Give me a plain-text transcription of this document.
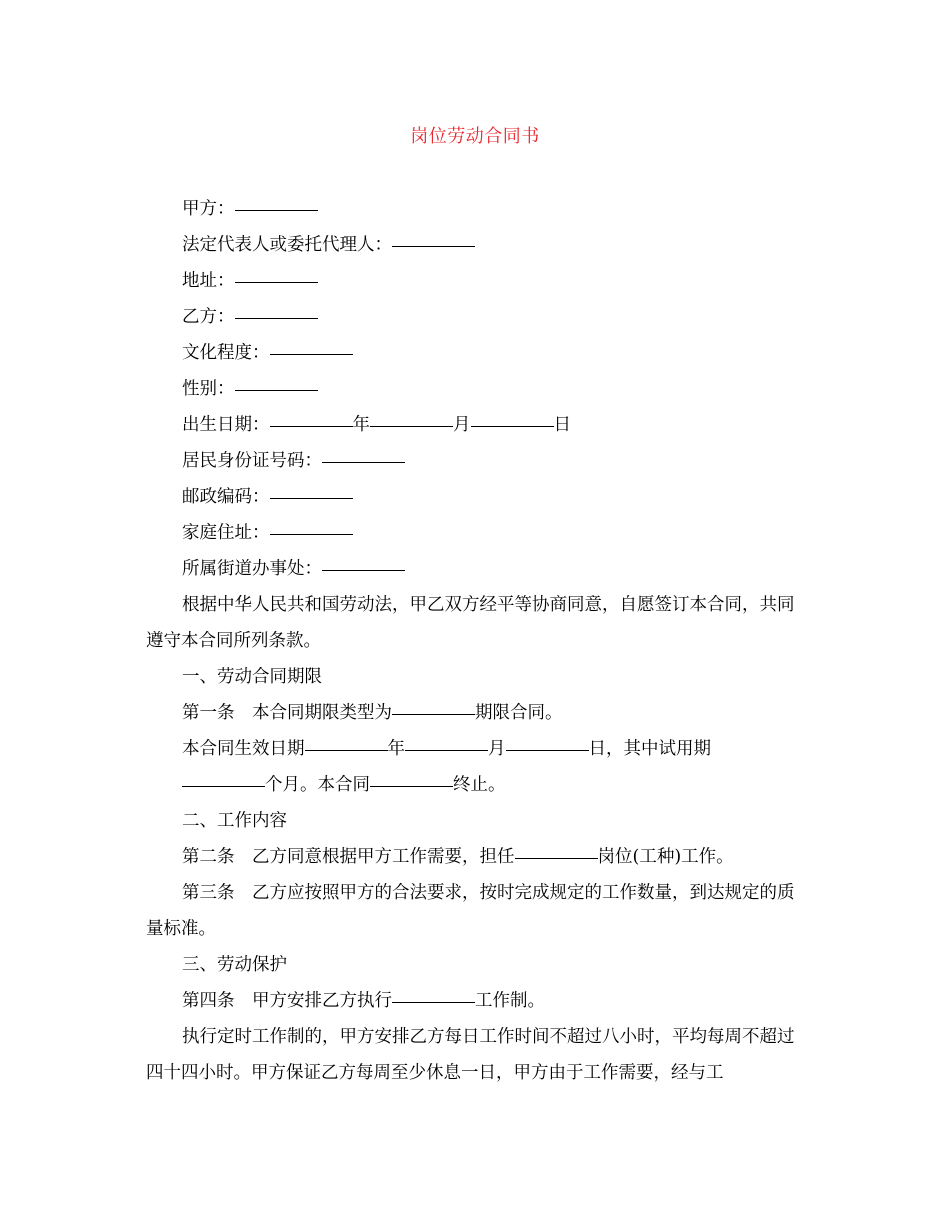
岗位劳动合同书

甲方：

法定代表人或委托代理人：

地址：

乙方：

文化程度：

性别：

出生日期：	年	月	日

居民身份证号码：

邮政编码：

家庭住址：

所属街道办事处：

根据中华人民共和国劳动法，甲乙双方经平等协商同意，自愿签订本合同，共同遵守本合同所列条款。

一、劳动合同期限

第一条　本合同期限类型为	期限合同。

本合同生效日期	年	月	日，其中试用期个月。本合同	终止。

二、工作内容

第二条　乙方同意根据甲方工作需要，担任	岗位(工种)工作。

第三条　乙方应按照甲方的合法要求，按时完成规定的工作数量，到达规定的质量标准。

三、劳动保护

第四条　甲方安排乙方执行	工作制。

执行定时工作制的，甲方安排乙方每日工作时间不超过八小时，平均每周不超过四十四小时。甲方保证乙方每周至少休息一日，甲方由于工作需要，经与工
